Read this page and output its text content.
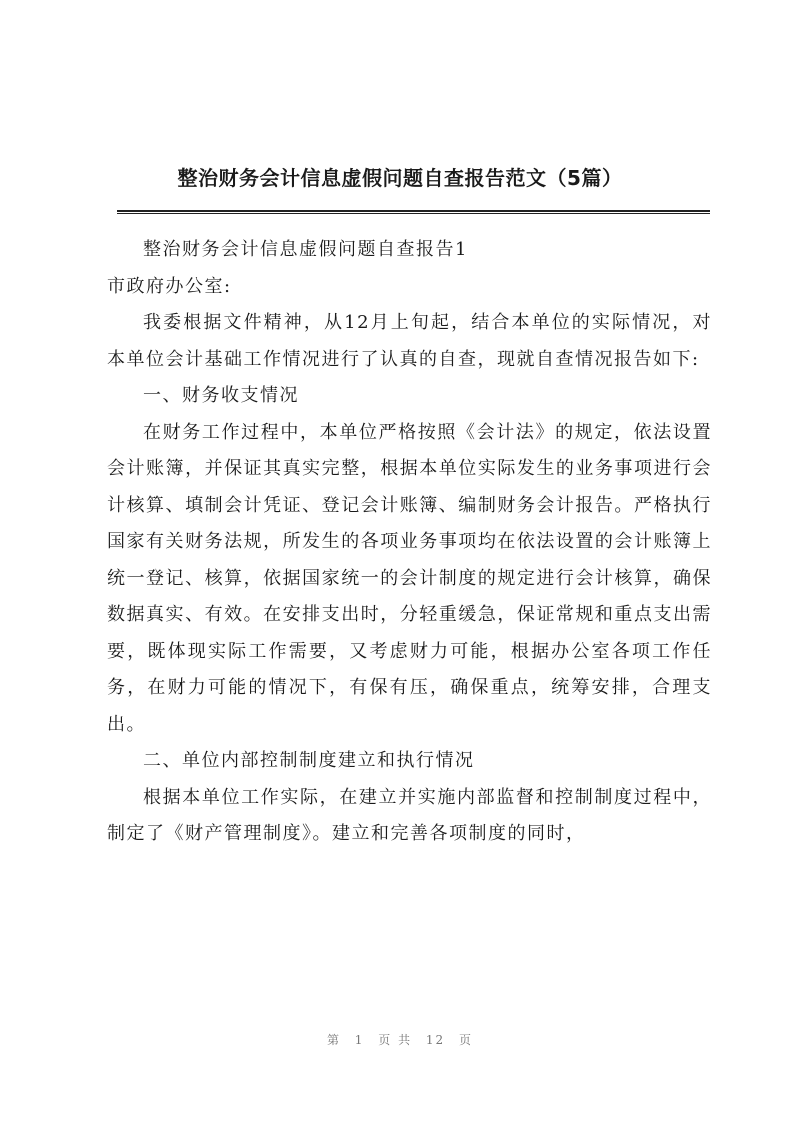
整治财务会计信息虚假问题自查报告范文（5篇）

整治财务会计信息虚假问题自查报告1

市政府办公室:

我委根据文件精神，从12月上旬起，结合本单位的实际情况，对本单位会计基础工作情况进行了认真的自查，现就自查情况报告如下:

一、财务收支情况

在财务工作过程中，本单位严格按照《会计法》的规定，依法设置会计账簿，并保证其真实完整，根据本单位实际发生的业务事项进行会计核算、填制会计凭证、登记会计账簿、编制财务会计报告。严格执行国家有关财务法规，所发生的各项业务事项均在依法设置的会计账簿上统一登记、核算，依据国家统一的会计制度的规定进行会计核算，确保数据真实、有效。在安排支出时，分轻重缓急，保证常规和重点支出需要，既体现实际工作需要，又考虑财力可能，根据办公室各项工作任务，在财力可能的情况下，有保有压，确保重点，统筹安排，合理支出。

二、单位内部控制制度建立和执行情况

根据本单位工作实际，在建立并实施内部监督和控制制度过程中，制定了《财产管理制度》。建立和完善各项制度的同时，

第 1 页 共 12 页
